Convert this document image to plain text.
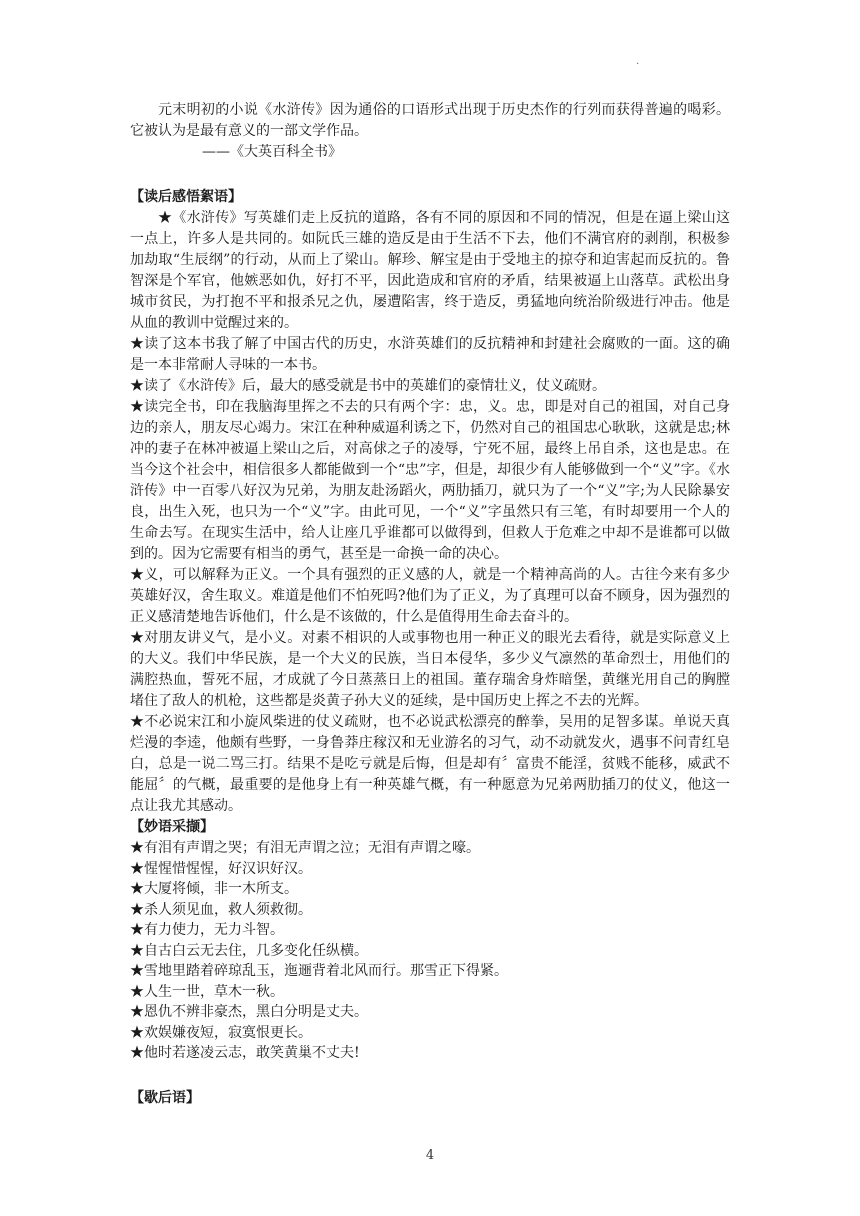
.

元末明初的小说《水浒传》因为通俗的口语形式出现于历史杰作的行列而获得普遍的喝彩。它被认为是最有意义的一部文学作品。

——《大英百科全书》

【读后感悟絮语】

★《水浒传》写英雄们走上反抗的道路，各有不同的原因和不同的情况，但是在逼上梁山这一点上，许多人是共同的。如阮氏三雄的造反是由于生活不下去，他们不满官府的剥削，积极参加劫取“生辰纲”的行动，从而上了梁山。解珍、解宝是由于受地主的掠夺和迫害起而反抗的。鲁智深是个军官，他嫉恶如仇，好打不平，因此造成和官府的矛盾，结果被逼上山落草。武松出身城市贫民，为打抱不平和报杀兄之仇，屡遭陷害，终于造反，勇猛地向统治阶级进行冲击。他是从血的教训中觉醒过来的。

★读了这本书我了解了中国古代的历史，水浒英雄们的反抗精神和封建社会腐败的一面。这的确是一本非常耐人寻味的一本书。

★读了《水浒传》后，最大的感受就是书中的英雄们的豪情壮义，仗义疏财。

★读完全书，印在我脑海里挥之不去的只有两个字：忠，义。忠，即是对自己的祖国，对自己身边的亲人，朋友尽心竭力。宋江在种种威逼利诱之下，仍然对自己的祖国忠心耿耿，这就是忠;林冲的妻子在林冲被逼上梁山之后，对高俅之子的凌辱，宁死不屈，最终上吊自杀，这也是忠。在当今这个社会中，相信很多人都能做到一个“忠”字，但是，却很少有人能够做到一个“义”字。《水浒传》中一百零八好汉为兄弟，为朋友赴汤蹈火，两肋插刀，就只为了一个“义”字;为人民除暴安良，出生入死，也只为一个“义”字。由此可见，一个“义”字虽然只有三笔，有时却要用一个人的生命去写。在现实生活中，给人让座几乎谁都可以做得到，但救人于危难之中却不是谁都可以做到的。因为它需要有相当的勇气，甚至是一命换一命的决心。

★义，可以解释为正义。一个具有强烈的正义感的人，就是一个精神高尚的人。古往今来有多少英雄好汉，舍生取义。难道是他们不怕死吗?他们为了正义，为了真理可以奋不顾身，因为强烈的正义感清楚地告诉他们，什么是不该做的，什么是值得用生命去奋斗的。

★对朋友讲义气，是小义。对素不相识的人或事物也用一种正义的眼光去看待，就是实际意义上的大义。我们中华民族，是一个大义的民族，当日本侵华，多少义气凛然的革命烈士，用他们的满腔热血，誓死不屈，才成就了今日蒸蒸日上的祖国。董存瑞舍身炸暗堡，黄继光用自己的胸膛堵住了敌人的机枪，这些都是炎黄子孙大义的延续，是中国历史上挥之不去的光辉。

★不必说宋江和小旋风柴进的仗义疏财，也不必说武松漂亮的醉拳，吴用的足智多谋。单说天真烂漫的李逵，他颇有些野，一身鲁莽庄稼汉和无业游名的习气，动不动就发火，遇事不问青红皂白，总是一说二骂三打。结果不是吃亏就是后悔，但是却有〞富贵不能淫，贫贱不能移，威武不能屈〞的气概，最重要的是他身上有一种英雄气概，有一种愿意为兄弟两肋插刀的仗义，他这一点让我尤其感动。

【妙语采撷】

★有泪有声谓之哭；有泪无声谓之泣；无泪有声谓之嚎。

★惺惺惜惺惺，好汉识好汉。

★大厦将倾，非一木所支。

★杀人须见血，救人须救彻。

★有力使力，无力斗智。

★自古白云无去住，几多变化任纵横。

★雪地里踏着碎琼乱玉，迤逦背着北风而行。那雪正下得紧。

★人生一世，草木一秋。

★恩仇不辨非豪杰，黑白分明是丈夫。

★欢娱嫌夜短，寂寞恨更长。

★他时若遂凌云志，敢笑黄巢不丈夫!

【歇后语】

4
